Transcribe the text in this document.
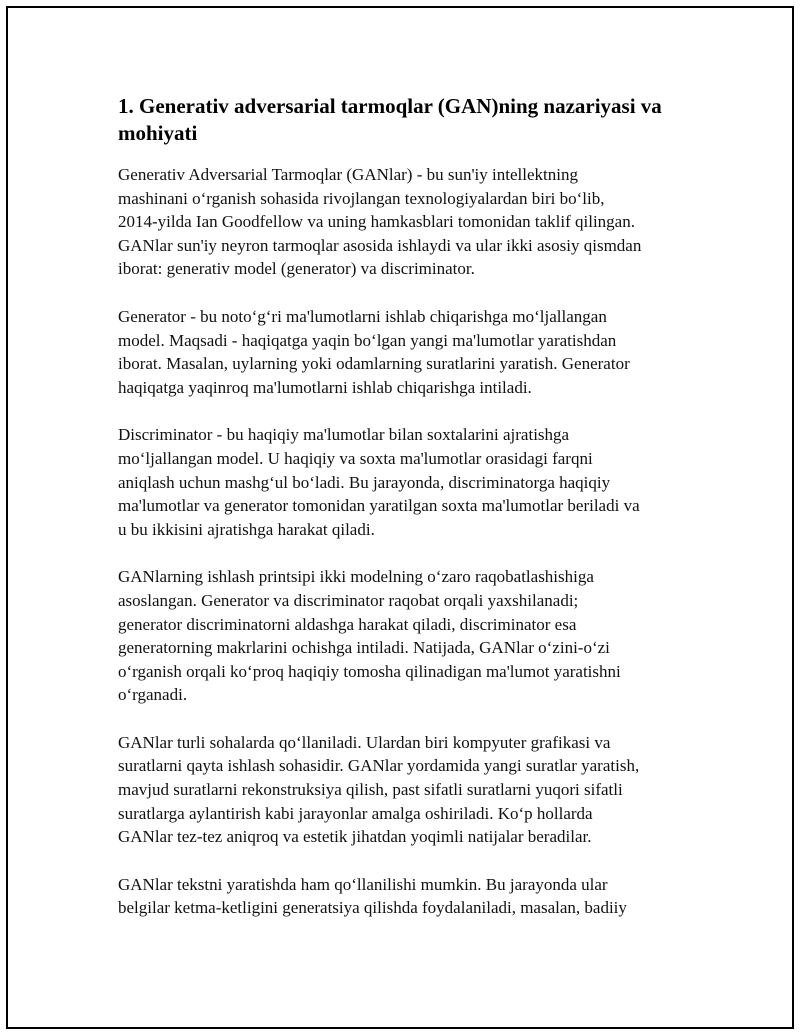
1. Generativ adversarial tarmoqlar (GAN)ning nazariyasi va
mohiyati

Generativ Adversarial Tarmoqlar (GANlar) - bu sun'iy intellektning
mashinani o‘rganish sohasida rivojlangan texnologiyalardan biri bo‘lib,
2014-yilda Ian Goodfellow va uning hamkasblari tomonidan taklif qilingan.
GANlar sun'iy neyron tarmoqlar asosida ishlaydi va ular ikki asosiy qismdan
iborat: generativ model (generator) va discriminator.

Generator - bu noto‘g‘ri ma'lumotlarni ishlab chiqarishga mo‘ljallangan
model. Maqsadi - haqiqatga yaqin bo‘lgan yangi ma'lumotlar yaratishdan
iborat. Masalan, uylarning yoki odamlarning suratlarini yaratish. Generator
haqiqatga yaqinroq ma'lumotlarni ishlab chiqarishga intiladi.

Discriminator - bu haqiqiy ma'lumotlar bilan soxtalarini ajratishga
mo‘ljallangan model. U haqiqiy va soxta ma'lumotlar orasidagi farqni
aniqlash uchun mashg‘ul bo‘ladi. Bu jarayonda, discriminatorga haqiqiy
ma'lumotlar va generator tomonidan yaratilgan soxta ma'lumotlar beriladi va
u bu ikkisini ajratishga harakat qiladi.

GANlarning ishlash printsipi ikki modelning o‘zaro raqobatlashishiga
asoslangan. Generator va discriminator raqobat orqali yaxshilanadi;
generator discriminatorni aldashga harakat qiladi, discriminator esa
generatorning makrlarini ochishga intiladi. Natijada, GANlar o‘zini-o‘zi
o‘rganish orqali ko‘proq haqiqiy tomosha qilinadigan ma'lumot yaratishni
o‘rganadi.

GANlar turli sohalarda qo‘llaniladi. Ulardan biri kompyuter grafikasi va
suratlarni qayta ishlash sohasidir. GANlar yordamida yangi suratlar yaratish,
mavjud suratlarni rekonstruksiya qilish, past sifatli suratlarni yuqori sifatli
suratlarga aylantirish kabi jarayonlar amalga oshiriladi. Ko‘p hollarda
GANlar tez-tez aniqroq va estetik jihatdan yoqimli natijalar beradilar.

GANlar tekstni yaratishda ham qo‘llanilishi mumkin. Bu jarayonda ular
belgilar ketma-ketligini generatsiya qilishda foydalaniladi, masalan, badiiy
